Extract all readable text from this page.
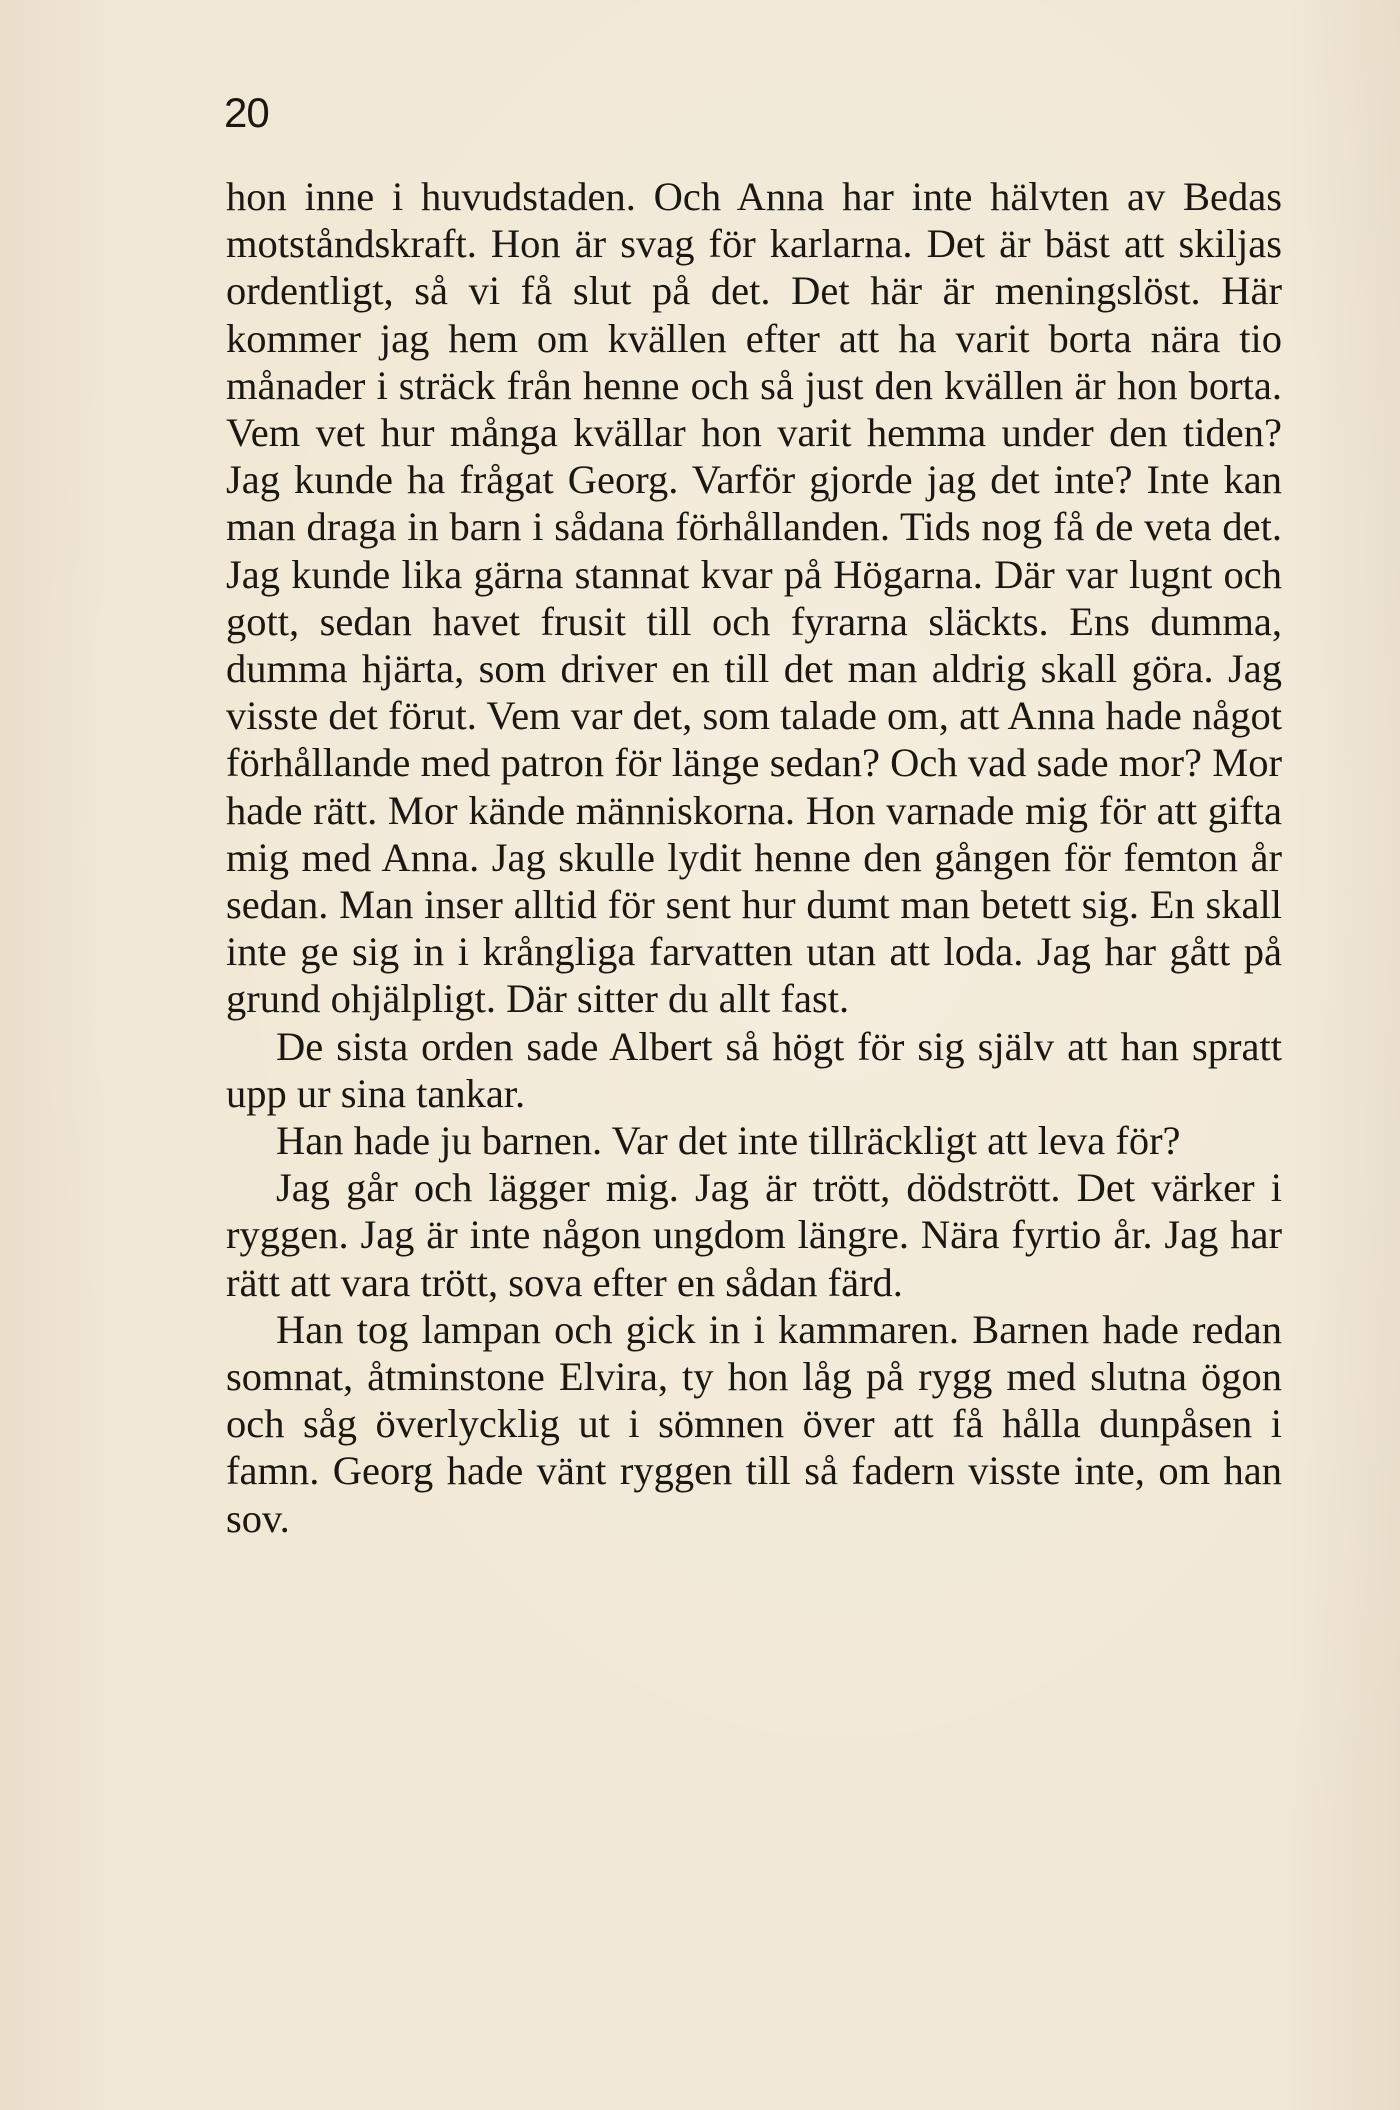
20

hon inne i huvudstaden. Och Anna har inte hälvten av Bedas motståndskraft. Hon är svag för karlarna. Det är bäst att skiljas ordentligt, så vi få slut på det. Det här är meningslöst. Här kommer jag hem om kvällen efter att ha varit borta nära tio månader i sträck från henne och så just den kvällen är hon borta. Vem vet hur många kvällar hon varit hemma under den tiden? Jag kunde ha frågat Georg. Varför gjorde jag det inte? Inte kan man draga in barn i sådana förhållanden. Tids nog få de veta det. Jag kunde lika gärna stannat kvar på Högarna. Där var lugnt och gott, sedan havet frusit till och fyrarna släckts. Ens dumma, dumma hjärta, som driver en till det man aldrig skall göra. Jag visste det förut. Vem var det, som talade om, att Anna hade något förhållande med patron för länge sedan? Och vad sade mor? Mor hade rätt. Mor kände människorna. Hon varnade mig för att gifta mig med Anna. Jag skulle lydit henne den gången för femton år sedan. Man inser alltid för sent hur dumt man betett sig. En skall inte ge sig in i krångliga farvatten utan att loda. Jag har gått på grund ohjälpligt. Där sitter du allt fast.

De sista orden sade Albert så högt för sig själv att han spratt upp ur sina tankar.

Han hade ju barnen. Var det inte tillräckligt att leva för?

Jag går och lägger mig. Jag är trött, dödstrött. Det värker i ryggen. Jag är inte någon ungdom längre. Nära fyrtio år. Jag har rätt att vara trött, sova efter en sådan färd.

Han tog lampan och gick in i kammaren. Barnen hade redan somnat, åtminstone Elvira, ty hon låg på rygg med slutna ögon och såg överlycklig ut i sömnen över att få hålla dunpåsen i famn. Georg hade vänt ryggen till så fadern visste inte, om han sov.
